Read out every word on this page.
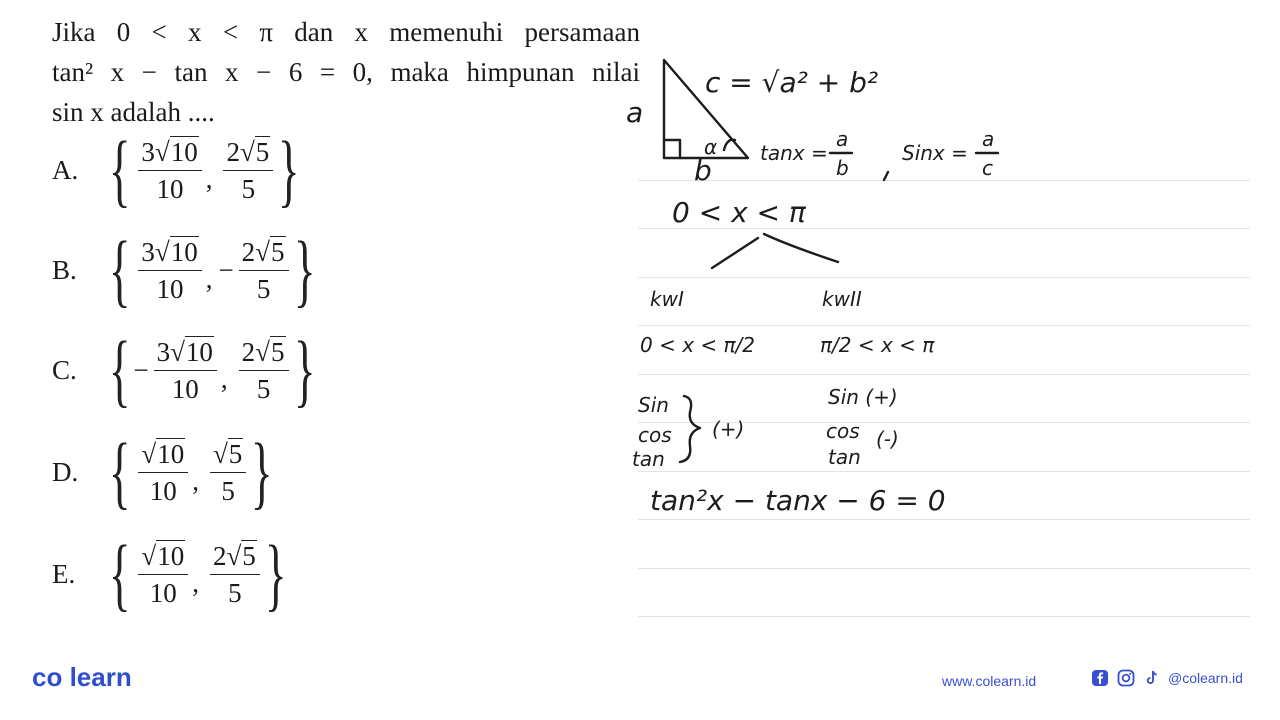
Jika 0 < x < π dan x memenuhi persamaan
tan² x − tan x − 6 = 0, maka himpunan nilai
sin x adalah ....
A. { $\frac{3√10}{10}$ , $\frac{2√5}{5}$ }
B. { $\frac{3√10}{10}$ , − $\frac{2√5}{5}$ }
C. { − $\frac{3√10}{10}$ , $\frac{2√5}{5}$ }
D. { $\frac{√10}{10}$ , $\frac{√5}{5}$ }
E. { $\frac{√10}{10}$ , $\frac{2√5}{5}$ }
a
b
α
c = √a² + b²
tanx =
a
b
Sinx =
a
c
0 < x < π
kwI	kwII
0 < x < π/2	π/2 < x < π
Sin
cos
tan
(+)
Sin (+)
cos
tan
(-)
tan²x − tanx − 6 = 0
co learn	www.colearn.id	@colearn.id
